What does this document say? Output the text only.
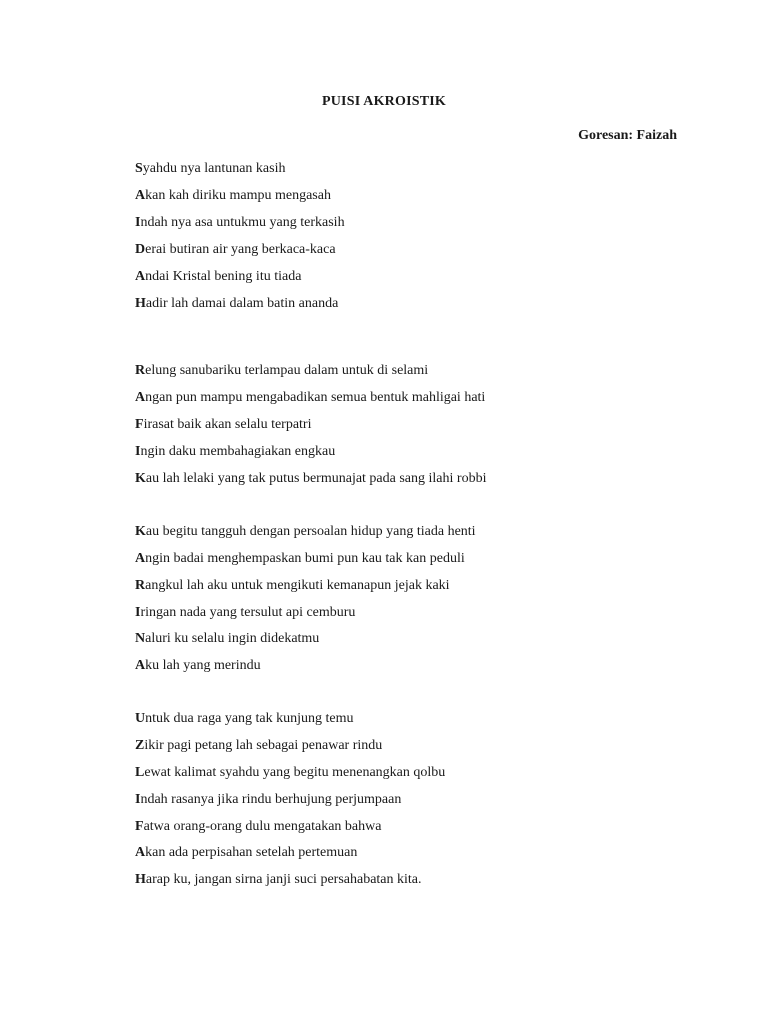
PUISI AKROISTIK
Goresan: Faizah
Syahdu nya lantunan kasih
Akan kah diriku mampu mengasah
Indah nya asa untukmu yang terkasih
Derai butiran air yang berkaca-kaca
Andai Kristal bening itu tiada
Hadir lah damai dalam batin ananda
Relung sanubariku terlampau dalam untuk di selami
Angan pun mampu mengabadikan semua bentuk mahligai hati
Firasat baik akan selalu terpatri
Ingin daku membahagiakan engkau
Kau lah lelaki yang tak putus bermunajat pada sang ilahi robbi
Kau begitu tangguh dengan persoalan hidup yang tiada henti
Angin badai menghempaskan bumi pun kau tak kan peduli
Rangkul lah aku untuk mengikuti kemanapun jejak kaki
Iringan nada yang tersulut api cemburu
Naluri ku selalu ingin didekatmu
Aku lah yang merindu
Untuk dua raga yang tak kunjung temu
Zikir pagi petang lah sebagai penawar rindu
Lewat kalimat syahdu yang begitu menenangkan qolbu
Indah rasanya jika rindu berhujung perjumpaan
Fatwa orang-orang dulu mengatakan bahwa
Akan ada perpisahan setelah pertemuan
Harap ku, jangan sirna janji suci persahabatan kita.
